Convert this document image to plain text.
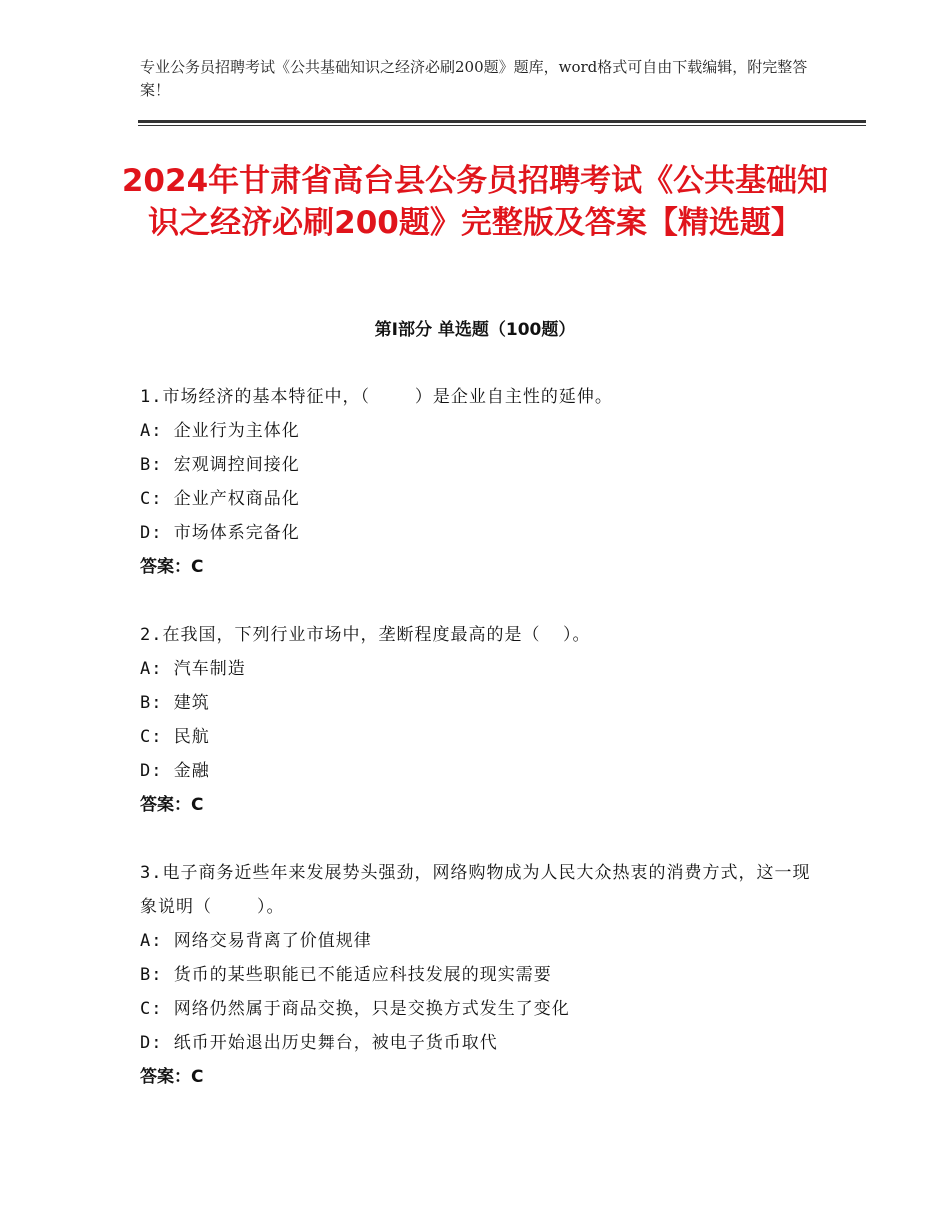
专业公务员招聘考试《公共基础知识之经济必刷200题》题库，word格式可自由下载编辑，附完整答案！
2024年甘肃省高台县公务员招聘考试《公共基础知识之经济必刷200题》完整版及答案【精选题】
第Ⅰ部分 单选题（100题）
1.市场经济的基本特征中，（    ）是企业自主性的延伸。
A: 企业行为主体化
B: 宏观调控间接化
C: 企业产权商品化
D: 市场体系完备化
答案：C
2.在我国，下列行业市场中，垄断程度最高的是（  ）。
A: 汽车制造
B: 建筑
C: 民航
D: 金融
答案：C
3.电子商务近些年来发展势头强劲，网络购物成为人民大众热衷的消费方式，这一现象说明（    ）。
A: 网络交易背离了价值规律
B: 货币的某些职能已不能适应科技发展的现实需要
C: 网络仍然属于商品交换，只是交换方式发生了变化
D: 纸币开始退出历史舞台，被电子货币取代
答案：C
